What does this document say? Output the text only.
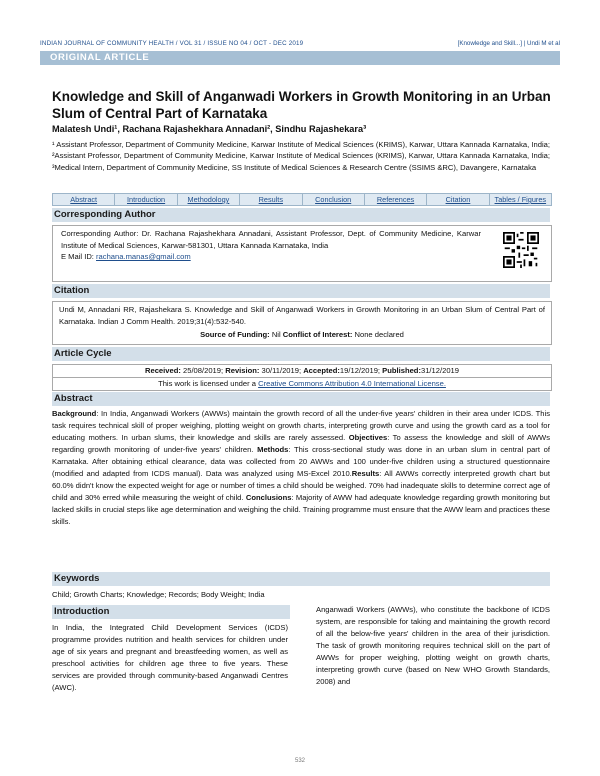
INDIAN JOURNAL OF COMMUNITY HEALTH / VOL 31 / ISSUE NO 04 / OCT - DEC 2019	[Knowledge and Skill...] | Undi M et al
ORIGINAL ARTICLE
Knowledge and Skill of Anganwadi Workers in Growth Monitoring in an Urban Slum of Central Part of Karnataka
Malatesh Undi¹, Rachana Rajashekhara Annadani², Sindhu Rajashekara³
¹ Assistant Professor, Department of Community Medicine, Karwar Institute of Medical Sciences (KRIMS), Karwar, Uttara Kannada Karnataka, India; ²Assistant Professor, Department of Community Medicine, Karwar Institute of Medical Sciences (KRIMS), Karwar, Uttara Kannada Karnataka, India; ³Medical Intern, Department of Community Medicine, SS Institute of Medical Sciences & Research Centre (SSIMS &RC), Davangere, Karnataka
Abstract	Introduction	Methodology	Results	Conclusion	References	Citation	Tables / Figures
Corresponding Author
Corresponding Author: Dr. Rachana Rajashekhara Annadani, Assistant Professor, Dept. of Community Medicine, Karwar Institute of Medical Sciences, Karwar-581301, Uttara Kannada Karnataka, India
E Mail ID: rachana.manas@gmail.com
Citation
Undi M, Annadani RR, Rajashekara S. Knowledge and Skill of Anganwadi Workers in Growth Monitoring in an Urban Slum of Central Part of Karnataka. Indian J Comm Health. 2019;31(4):532-540.
Source of Funding: Nil Conflict of Interest: None declared
Article Cycle
Received: 25/08/2019; Revision: 30/11/2019; Accepted:19/12/2019; Published:31/12/2019
This work is licensed under a Creative Commons Attribution 4.0 International License.
Abstract
Background: In India, Anganwadi Workers (AWWs) maintain the growth record of all the under-five years' children in their area under ICDS. This task requires technical skill of proper weighing, plotting weight on growth charts, interpreting growth curve and using the growth card as a tool for educating mothers. In urban slums, their knowledge and skills are rarely assessed. Objectives: To assess the knowledge and skill of AWWs regarding growth monitoring of under-five years' children. Methods: This cross-sectional study was done in an urban slum in central part of Karnataka. After obtaining ethical clearance, data was collected from 20 AWWs and 100 under-five children using a structured questionnaire (modified and adapted from ICDS manual). Data was analyzed using MS-Excel 2010.Results: All AWWs correctly interpreted growth chart but 60.0% didn't know the expected weight for age or number of times a child should be weighed. 70% had inadequate skills to determine correct age of child and 30% erred while measuring the weight of child. Conclusions: Majority of AWW had adequate knowledge regarding growth monitoring but lacked skills in crucial steps like age determination and weighing the child. Training programme must ensure that the AWW learn and practices these skills.
Keywords
Child; Growth Charts; Knowledge; Records; Body Weight; India
Introduction
In India, the Integrated Child Development Services (ICDS) programme provides nutrition and health services for children under age of six years and pregnant and breastfeeding women, as well as preschool activities for children age three to five years. These services are provided through community-based Anganwadi Centres (AWC).
Anganwadi Workers (AWWs), who constitute the backbone of ICDS system, are responsible for taking and maintaining the growth record of all the below-five years' children in the area of their jurisdiction. The task of growth monitoring requires technical skill on the part of AWWs for proper weighing, plotting weight on growth charts, interpreting growth curve (based on New WHO Growth Standards, 2008) and
532
